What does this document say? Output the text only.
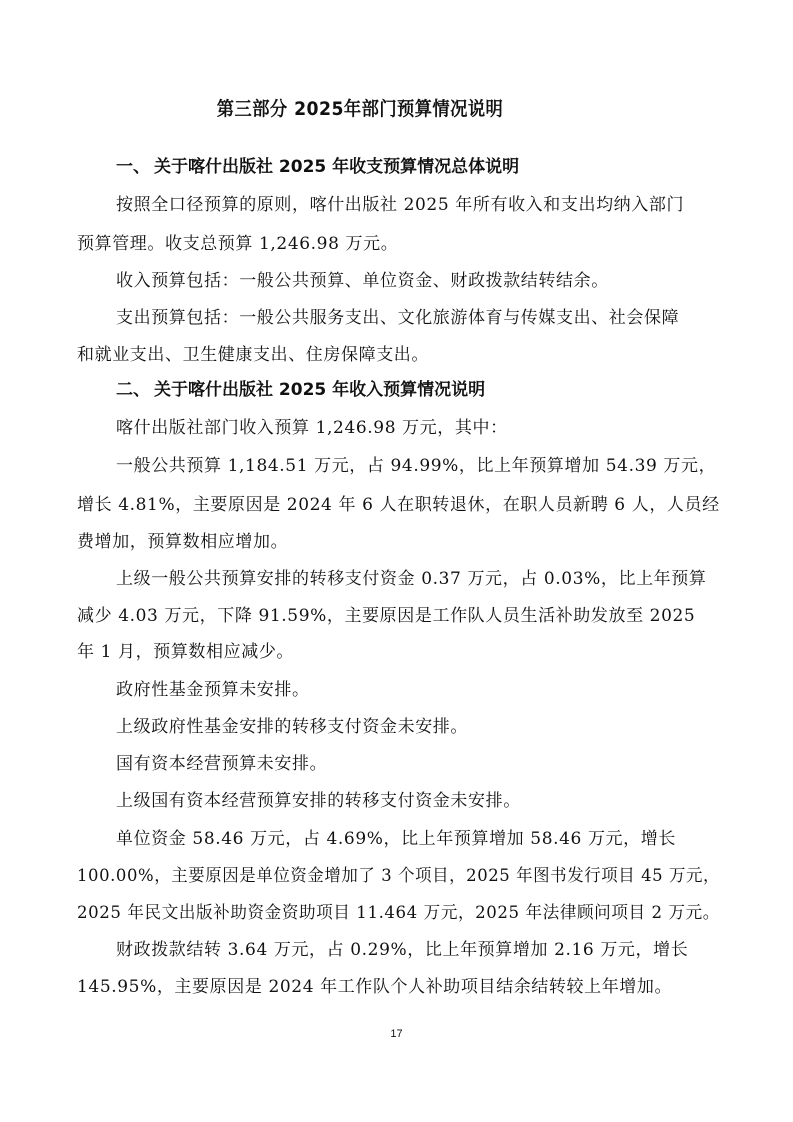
第三部分 2025年部门预算情况说明
一、 关于喀什出版社 2025 年收支预算情况总体说明
按照全口径预算的原则，喀什出版社 2025 年所有收入和支出均纳入部门
预算管理。收支总预算 1,246.98 万元。
收入预算包括：一般公共预算、单位资金、财政拨款结转结余。
支出预算包括：一般公共服务支出、文化旅游体育与传媒支出、社会保障
和就业支出、卫生健康支出、住房保障支出。
二、 关于喀什出版社 2025 年收入预算情况说明
喀什出版社部门收入预算 1,246.98 万元，其中：
一般公共预算 1,184.51 万元，占 94.99%，比上年预算增加 54.39 万元，
增长 4.81%，主要原因是 2024 年 6 人在职转退休，在职人员新聘 6 人，人员经
费增加，预算数相应增加。
上级一般公共预算安排的转移支付资金 0.37 万元，占 0.03%，比上年预算
减少 4.03 万元，下降 91.59%，主要原因是工作队人员生活补助发放至 2025
年 1 月，预算数相应减少。
政府性基金预算未安排。
上级政府性基金安排的转移支付资金未安排。
国有资本经营预算未安排。
上级国有资本经营预算安排的转移支付资金未安排。
单位资金 58.46 万元，占 4.69%，比上年预算增加 58.46 万元，增长
100.00%，主要原因是单位资金增加了 3 个项目，2025 年图书发行项目 45 万元，
2025 年民文出版补助资金资助项目 11.464 万元，2025 年法律顾问项目 2 万元。
财政拨款结转 3.64 万元，占 0.29%，比上年预算增加 2.16 万元，增长
145.95%，主要原因是 2024 年工作队个人补助项目结余结转较上年增加。
17
